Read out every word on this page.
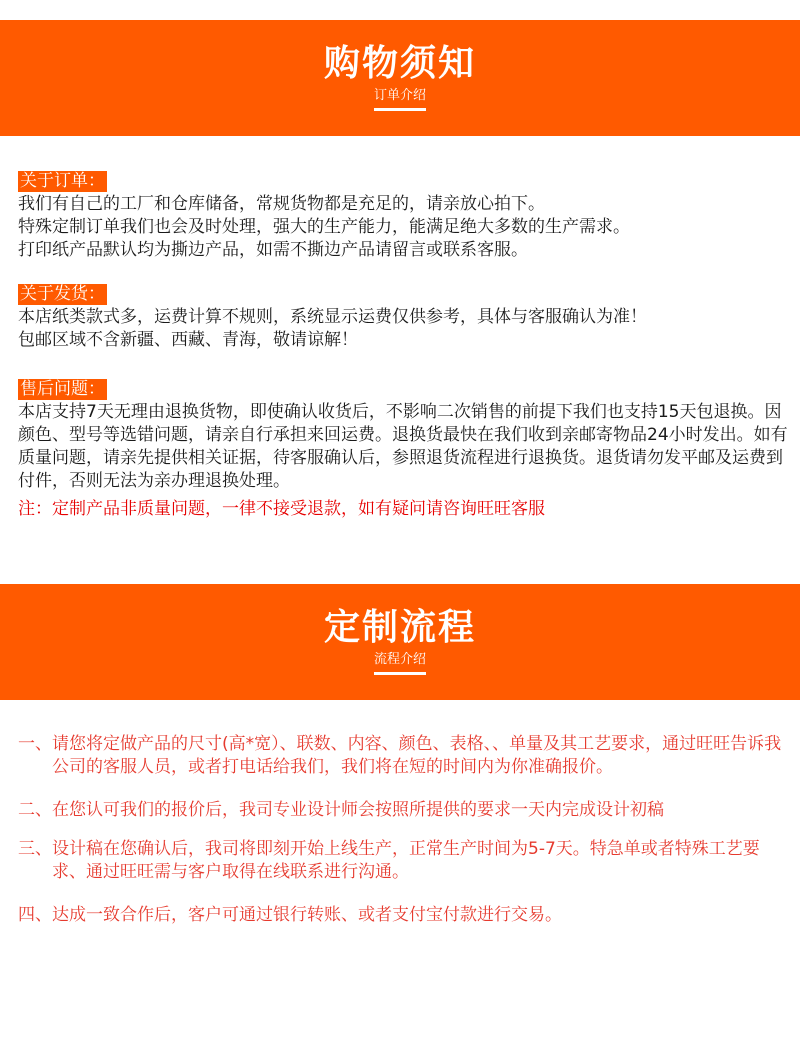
购物须知
订单介绍
关于订单：
我们有自己的工厂和仓库储备，常规货物都是充足的，请亲放心拍下。
特殊定制订单我们也会及时处理，强大的生产能力，能满足绝大多数的生产需求。
打印纸产品默认均为撕边产品，如需不撕边产品请留言或联系客服。
关于发货：
本店纸类款式多，运费计算不规则，系统显示运费仅供参考，具体与客服确认为准！
包邮区域不含新疆、西藏、青海，敬请谅解！
售后问题：
本店支持7天无理由退换货物，即使确认收货后，不影响二次销售的前提下我们也支持15天包退换。因颜色、型号等选错问题，请亲自行承担来回运费。退换货最快在我们收到亲邮寄物品24小时发出。如有质量问题，请亲先提供相关证据，待客服确认后，参照退货流程进行退换货。退货请勿发平邮及运费到付件，否则无法为亲办理退换处理。
注：定制产品非质量问题，一律不接受退款，如有疑问请咨询旺旺客服
定制流程
流程介绍
一、 请您将定做产品的尺寸(高*宽）、联数、内容、颜色、表格、、单量及其工艺要求，通过旺旺告诉我公司的客服人员，或者打电话给我们，我们将在短的时间内为你准确报价。
二、 在您认可我们的报价后，我司专业设计师会按照所提供的要求一天内完成设计初稿
三、 设计稿在您确认后，我司将即刻开始上线生产，正常生产时间为5-7天。特急单或者特殊工艺要求、通过旺旺需与客户取得在线联系进行沟通。
四、 达成一致合作后，客户可通过银行转账、或者支付宝付款进行交易。
